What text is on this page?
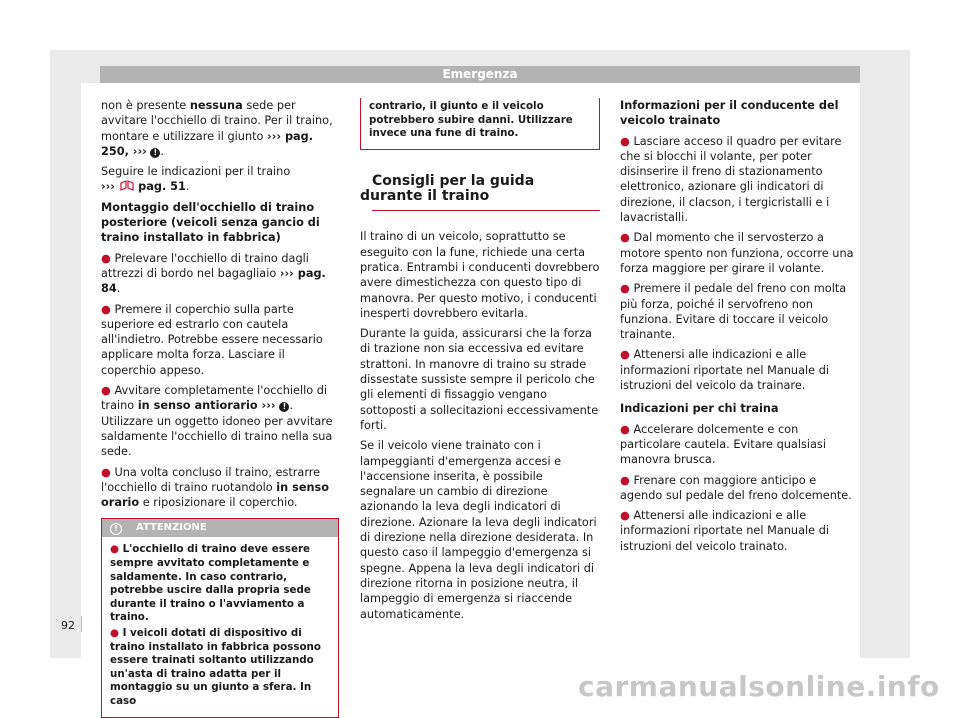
Emergenza

non è presente nessuna sede per avvitare l'occhiello di traino. Per il traino, montare e utilizzare il giunto ››› pag. 250, ››› ! .

Seguire le indicazioni per il traino
››› pag. 51.

Montaggio dell'occhiello di traino posteriore (veicoli senza gancio di traino installato in fabbrica)

● Prelevare l'occhiello di traino dagli attrezzi di bordo nel bagagliaio ››› pag. 84.

● Premere il coperchio sulla parte superiore ed estrarlo con cautela all'indietro. Potrebbe essere necessario applicare molta forza. Lasciare il coperchio appeso.

● Avvitare completamente l'occhiello di traino in senso antiorario ››› ! . Utilizzare un oggetto idoneo per avvitare saldamente l'occhiello di traino nella sua sede.

● Una volta concluso il traino, estrarre l'occhiello di traino ruotandolo in senso orario e riposizionare il coperchio.

! ATTENZIONE

● L'occhiello di traino deve essere sempre avvitato completamente e saldamente. In caso contrario, potrebbe uscire dalla propria sede durante il traino o l'avviamento a traino.

● I veicoli dotati di dispositivo di traino installato in fabbrica possono essere trainati soltanto utilizzando un'asta di traino adatta per il montaggio su un giunto a sfera. In caso

contrario, il giunto e il veicolo potrebbero subire danni. Utilizzare invece una fune di traino.
Consigli per la guida durante il traino

Il traino di un veicolo, soprattutto se eseguito con la fune, richiede una certa pratica. Entrambi i conducenti dovrebbero avere dimestichezza con questo tipo di manovra. Per questo motivo, i conducenti inesperti dovrebbero evitarla.

Durante la guida, assicurarsi che la forza di trazione non sia eccessiva ed evitare strattoni. In manovre di traino su strade dissestate sussiste sempre il pericolo che gli elementi di fissaggio vengano sottoposti a sollecitazioni eccessivamente forti.

Se il veicolo viene trainato con i lampeggianti d'emergenza accesi e l'accensione inserita, è possibile segnalare un cambio di direzione azionando la leva degli indicatori di direzione. Azionare la leva degli indicatori di direzione nella direzione desiderata. In questo caso il lampeggio d'emergenza si spegne. Appena la leva degli indicatori di direzione ritorna in posizione neutra, il lampeggio di emergenza si riaccende automaticamente.

Informazioni per il conducente del veicolo trainato

● Lasciare acceso il quadro per evitare che si blocchi il volante, per poter disinserire il freno di stazionamento elettronico, azionare gli indicatori di direzione, il clacson, i tergicristalli e i lavacristalli.

● Dal momento che il servosterzo a motore spento non funziona, occorre una forza maggiore per girare il volante.

● Premere il pedale del freno con molta più forza, poiché il servofreno non funziona. Evitare di toccare il veicolo trainante.

● Attenersi alle indicazioni e alle informazioni riportate nel Manuale di istruzioni del veicolo da trainare.

Indicazioni per chi traina

● Accelerare dolcemente e con particolare cautela. Evitare qualsiasi manovra brusca.

● Frenare con maggiore anticipo e agendo sul pedale del freno dolcemente.

● Attenersi alle indicazioni e alle informazioni riportate nel Manuale di istruzioni del veicolo trainato.

92
carmanualsonline.info
